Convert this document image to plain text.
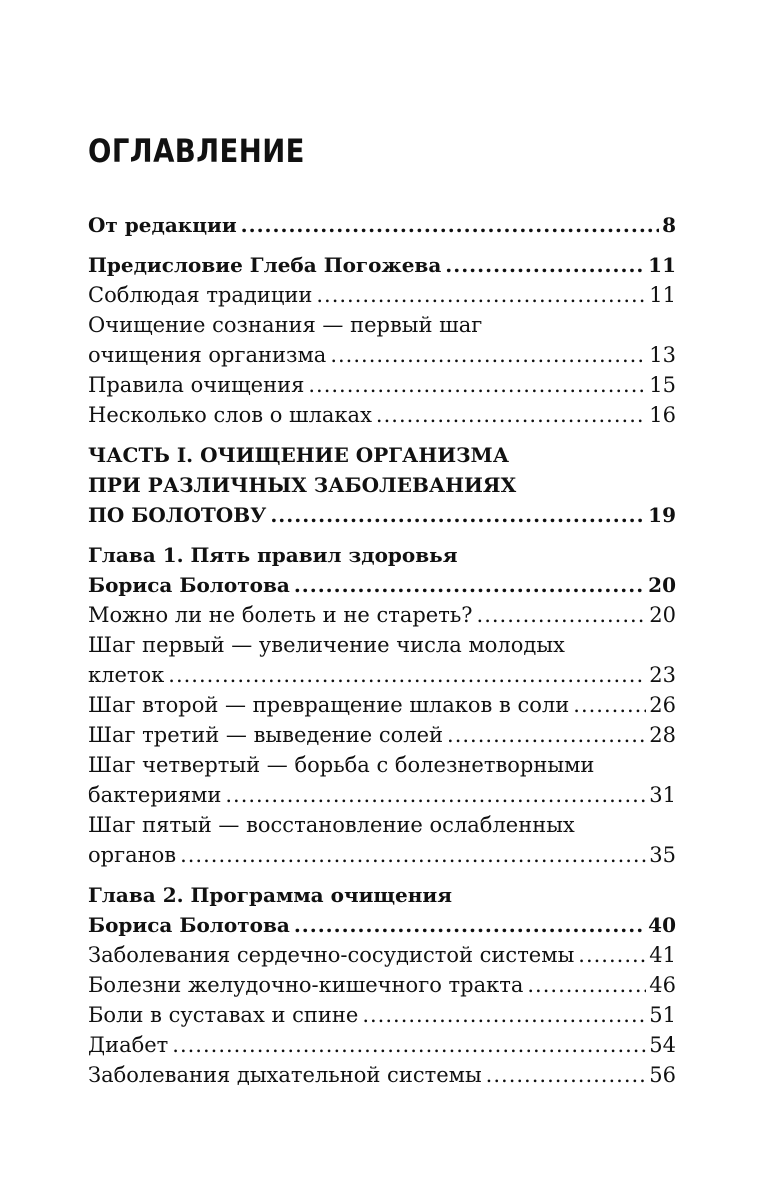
ОГЛАВЛЕНИЕ
От редакции .....	8
Предисловие Глеба Погожева .....	11
Соблюдая традиции .....	11
Очищение сознания — первый шаг
очищения организма .....	13
Правила очищения .....	15
Несколько слов о шлаках .....	16
ЧАСТЬ I. ОЧИЩЕНИЕ ОРГАНИЗМА
ПРИ РАЗЛИЧНЫХ ЗАБОЛЕВАНИЯХ
ПО БОЛОТОВУ .....	19
Глава 1. Пять правил здоровья
Бориса Болотова .....	20
Можно ли не болеть и не стареть? .....	20
Шаг первый — увеличение числа молодых
клеток .....	23
Шаг второй — превращение шлаков в соли .....	26
Шаг третий — выведение солей .....	28
Шаг четвертый — борьба с болезнетворными
бактериями .....	31
Шаг пятый — восстановление ослабленных
органов .....	35
Глава 2. Программа очищения
Бориса Болотова .....	40
Заболевания сердечно-сосудистой системы .....	41
Болезни желудочно-кишечного тракта .....	46
Боли в суставах и спине .....	51
Диабет .....	54
Заболевания дыхательной системы .....	56
